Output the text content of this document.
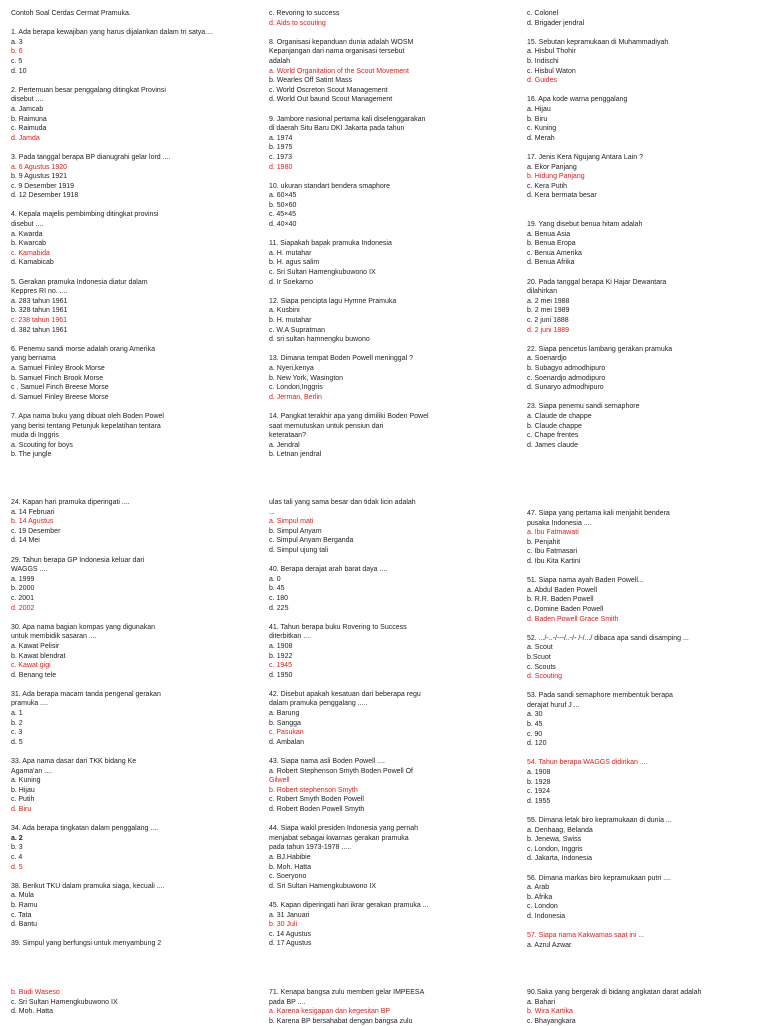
Contoh Soal Cerdas Cermat Pramuka.
1. Ada berapa kewajiban yang harus dijalankan dalam tri satya....
a. 3
b. 6
c. 5
d. 10
2. Pertemuan besar penggalang ditingkat Provinsi
disebut ....
a. Jamcab
b. Raimuna
c. Raimuda
d. Jamda
3. Pada tanggal berapa BP dianugrahi gelar lord ....
a. 6 Agustus 1920
b. 9 Agustus 1921
c. 9 Desember 1919
d. 12 Desember 1918
4. Kepala majelis pembimbing ditingkat provinsi
disebut ....
a. Kwarda
b. Kwarcab
c. Kamabida
d. Kamabicab
5. Gerakan pramuka Indonesia diatur dalam
Keppres RI no. ....
a. 283 tahun 1961
b. 328 tahun 1961
c. 238 tahun 1961
d. 382 tahun 1961
6. Penemu sandi morse adalah orang Amerika
yang bernama
a. Samuel Finley Brook Morse
b. Samuel Finch Brook Morse
c . Samuel Finch Breese Morse
d. Samuel Finley Breese Morse
7. Apa nama buku yang dibuat oleh Boden Powel
yang berisi tentang Petunjuk kepelatihan tentara
muda di Inggris
a. Scouting for boys
b. The jungle
c. Revoring to success
d. Aids to scouting
8. Organisasi kepanduan dunia adalah WOSM
Kepanjangan dari nama organisasi tersebut
adalah
a. World Organitation of the Scout Movement
b. Wearles Off Satint Mass
c. World Oscreton Scout Management
d. World Out baund Scout Management
9. Jambore nasional pertama kali diselenggarakan
di daerah Situ Baru DKI Jakarta pada tahun
a. 1974
b. 1975
c. 1973
d. 1980
10. ukuran standart bendera smaphore
a. 60×45
b. 50×60
c. 45×45
d. 40×40
11. Siapakah bapak pramuka Indonesia
a. H. mutahar
b. H. agus salim
c. Sri Sultan Hamengkubuwono IX
d. Ir Soekarno
12. Siapa pencipta lagu Hymne Pramuka
a. Kusbini
b. H. mutahar
c. W.A Supratman
d. sri sultan hamnengku buwono
13. Dimana tempat Boden Powell meninggal ?
a. Nyeri,kenya
b. New York, Wasington
c. London,Inggris
d. Jerman, Berlin
14. Pangkat terakhir apa yang dimiliki Boden Powel
saat memutuskan untuk pensiun dari
keterataan?
a. Jendral
b. Letnan jendral
c. Colonel
d. Brigader jendral
15. Sebutan kepramukaan di Muhammadiyah
a. Hisbul Thohir
b. Indischi
c. Hisbul Waton
d. Guides
16. Apa kode warna penggalang
a. Hijau
b. Biru
c. Kuning
d. Merah
17. Jenis Kera Ngujang Antara Lain ?
a. Ekor Panjang
b. Hidung Panjang
c. Kera Putih
d. Kera bermata besar
19. Yang disebut benua hitam adalah
a. Benua Asia
b. Benua Eropa
c. Benua Amerika
d. Benua Afrika
20. Pada tanggal berapa Ki Hajar Dewantara
dilahirkan
a. 2 mei 1988
b. 2 mei 1989
c. 2 juni 1888
d. 2 juni 1889
22. Siapa pencetus lambang gerakan pramuka
a. Soenardjo
b. Subagyo admodhipuro
c. Soenardjo admodipuro
d. Sunaryo admodhipuro
23. Siapa penemu sandi semaphore
a. Claude de chappe
b. Claude chappe
c. Chape frentes
d. James claude
24. Kapan hari pramuka diperingati ....
a. 14 Februari
b. 14 Agustus
c. 19 Desember
d. 14 Mei
29. Tahun berapa GP Indonesia keluar dari
WAGGS ....
a. 1999
b. 2000
c. 2001
d. 2002
30. Apa nama bagian kompas yang digunakan
untuk membidik sasaran ....
a. Kawat Pelisir
b. Kawat blendrat
c. Kawat gigi
d. Benang tele
31. Ada berapa macam tanda pengenal gerakan
pramuka ....
a. 1
b. 2
c. 3
d. 5
33. Apa nama dasar dari TKK bidang Ke
Agama'an ....
a. Kuning
b. Hijau
c. Putih
d. Biru
34. Ada berapa tingkatan dalam penggalang ....
a. 2
b. 3
c. 4
d. 5
38. Berikut TKU dalam pramuka siaga, kecuali ....
a. Mula
b. Ramu
c. Tata
d. Bantu
39. Simpul yang berfungsi untuk menyambung 2
ulas tali yang sama besar dan tidak licin adalah
...
a. Simpul mati
b. Simpul Anyam
c. Simpul Anyam Berganda
d. Simpul ujung tali
40. Berapa derajat arah barat daya ....
a. 0
b. 45
c. 180
d. 225
41. Tahun berapa buku Rovering to Success
diterbitkan ....
a. 1908
b. 1922
c. 1945
d. 1950
42. Disebut apakah kesatuan dari beberapa regu
dalam pramuka penggalang .....
a. Barung
b. Sangga
c. Pasukan
d. Ambalan
43. Siapa nama asli Boden Powell ....
a. Robert Stephenson Smyth Boden Powell Of
Gilwell
b. Robert stephenson Smyth
c. Robert Smyth Boden Powell
d. Robert Boden Powell Smyth
44. Siapa wakil presiden Indonesia yang pernah
menjabat sebagai kwarnas gerakan pramuka
pada tahun 1973-1978 .....
a. BJ.Habibie
b. Moh. Hatta
c. Soeryono
d. Sri Sultan Hamengkubuwono IX
45. Kapan diperingati hari ikrar gerakan pramuka ...
a. 31 Januari
b. 30 Juli
c. 14 Agustus
d. 17 Agustus
47. Siapa yang pertama kali menjahit bendera
pusaka Indonesia ....
a. Ibu Fatmawati
b. Penjahit
c. Ibu Fatmasari
d. Ibu Kita Kartini
51. Siapa nama ayah Baden Powell...
a. Abdul Baden Powell
b. R.R. Baden Powell
c. Domine Baden Powell
d. Baden Powell Grace Smith
52. .../-..-/---/..-/- /-/.../ dibaca apa sandi disamping ...
a. Scout
b.Scuot
c. Scouts
d. Scouting
53. Pada sandi semaphore membentuk berapa
derajat huruf J ...
a. 30
b. 45
c. 90
d. 120
54. Tahun berapa WAGGS didirikan ....
a. 1908
b. 1928
c. 1924
d. 1955
55. Dimana letak biro kepramukaan di dunia ...
a. Denhaag, Belanda
b. Jenewa, Swiss
c. London, Inggris
d. Jakarta, Indonesia
56. Dimana markas biro kepramukaan putri ....
a. Arab
b. Afrika
c. London
d. Indonesia
57. Siapa nama Kakwamas saat ini ...
a. Azrul Azwar
b. Budi Waseso
c. Sri Sultan Hamengkubuwono IX
d. Moh. Hatta
71. Kenapa bangsa zulu memberi gelar IMPEESA
pada BP ....
a. Karena kesigapan dan kegesitan BP
b. Karena BP bersahabat dengan bangsa zulu
90.Saka yang bergerak di bidang angkatan darat adalah
a. Bahari
b. Wira Kartika
c. Bhayangkara
